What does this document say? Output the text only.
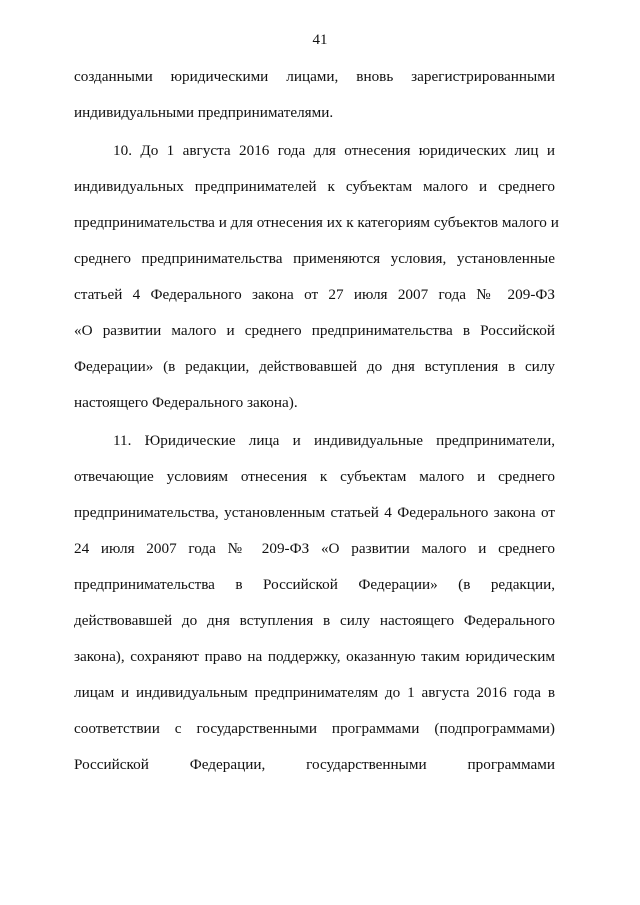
41
созданными юридическими лицами, вновь зарегистрированными
индивидуальными предпринимателями.
10. До 1 августа 2016 года для отнесения юридических лиц и
индивидуальных предпринимателей к субъектам малого и среднего
предпринимательства и для отнесения их к категориям субъектов малого и
среднего предпринимательства применяются условия, установленные
статьей 4 Федерального закона от 27 июля 2007 года № 209-ФЗ
«О развитии малого и среднего предпринимательства в Российской
Федерации» (в редакции, действовавшей до дня вступления в силу
настоящего Федерального закона).
11. Юридические лица и индивидуальные предприниматели,
отвечающие условиям отнесения к субъектам малого и среднего
предпринимательства, установленным статьей 4 Федерального закона от
24 июля 2007 года № 209-ФЗ «О развитии малого и среднего
предпринимательства в Российской Федерации» (в редакции,
действовавшей до дня вступления в силу настоящего Федерального
закона), сохраняют право на поддержку, оказанную таким юридическим
лицам и индивидуальным предпринимателям до 1 августа 2016 года в
соответствии с государственными программами (подпрограммами)
Российской Федерации, государственными программами
